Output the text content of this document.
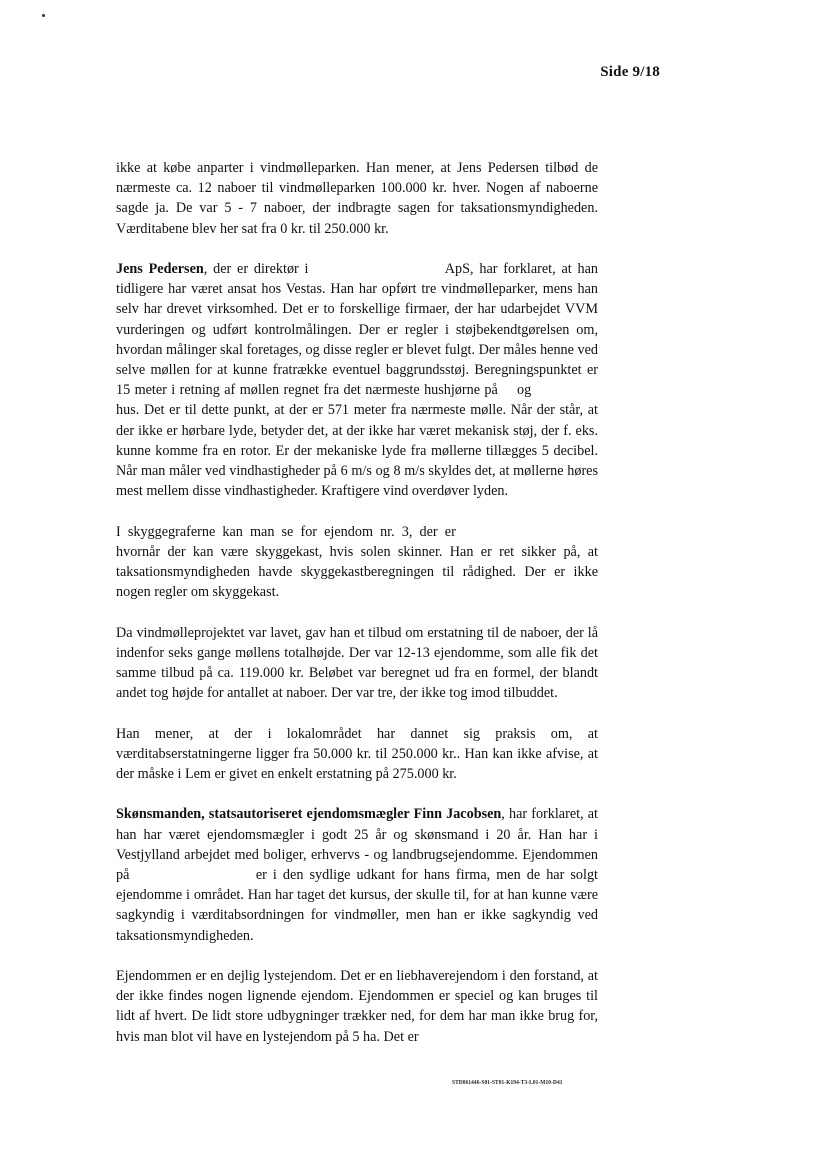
Side 9/18

ikke at købe anparter i vindmølleparken. Han mener, at Jens Pedersen tilbød de nærmeste ca. 12 naboer til vindmølleparken 100.000 kr. hver. Nogen af naboerne sagde ja. De var 5 - 7 naboer, der indbragte sagen for taksationsmyndigheden. Værditabene blev her sat fra 0 kr. til 250.000 kr.

Jens Pedersen, der er direktør i ⠀⠀⠀⠀⠀⠀⠀⠀⠀⠀⠀⠀ ApS, har forklaret, at han tidligere har været ansat hos Vestas. Han har opført tre vindmølleparker, mens han selv har drevet virksomhed. Det er to forskellige firmaer, der har udarbejdet VVM vurderingen og udført kontrolmålingen. Der er regler i støjbekendtgørelsen om, hvordan målinger skal foretages, og disse regler er blevet fulgt. Der måles henne ved selve møllen for at kunne fratrække eventuel baggrundsstøj. Beregningspunktet er 15 meter i retning af møllen regnet fra det nærmeste hushjørne på ⠀ og ⠀⠀⠀⠀⠀⠀ hus. Det er til dette punkt, at der er 571 meter fra nærmeste mølle. Når der står, at der ikke er hørbare lyde, betyder det, at der ikke har været mekanisk støj, der f. eks. kunne komme fra en rotor. Er der mekaniske lyde fra møllerne tillægges 5 decibel. Når man måler ved vindhastigheder på 6 m/s og 8 m/s skyldes det, at møllerne høres mest mellem disse vindhastigheder. Kraftigere vind overdøver lyden.

I skyggegraferne kan man se for ejendom nr. 3, der er ⠀⠀⠀⠀⠀⠀⠀⠀⠀⠀⠀⠀⠀ hvornår der kan være skyggekast, hvis solen skinner. Han er ret sikker på, at taksationsmyndigheden havde skyggekastberegningen til rådighed. Der er ikke nogen regler om skyggekast.

Da vindmølleprojektet var lavet, gav han et tilbud om erstatning til de naboer, der lå indenfor seks gange møllens totalhøjde. Der var 12-13 ejendomme, som alle fik det samme tilbud på ca. 119.000 kr. Beløbet var beregnet ud fra en formel, der blandt andet tog højde for antallet at naboer. Der var tre, der ikke tog imod tilbuddet.

Han mener, at der i lokalområdet har dannet sig praksis om, at værditabserstatningerne ligger fra 50.000 kr. til 250.000 kr.. Han kan ikke afvise, at der måske i Lem er givet en enkelt erstatning på 275.000 kr.

Skønsmanden, statsautoriseret ejendomsmægler Finn Jacobsen, har forklaret, at han har været ejendomsmægler i godt 25 år og skønsmand i 20 år. Han har i Vestjylland arbejdet med boliger, erhvervs - og landbrugsejendomme. Ejendommen på ⠀⠀⠀⠀⠀⠀⠀⠀⠀⠀⠀ er i den sydlige udkant for hans firma, men de har solgt ejendomme i området. Han har taget det kursus, der skulle til, for at han kunne være sagkyndig i værditabsordningen for vindmøller, men han er ikke sagkyndig ved taksationsmyndigheden.

Ejendommen er en dejlig lystejendom. Det er en liebhaverejendom i den forstand, at der ikke findes nogen lignende ejendom. Ejendommen er speciel og kan bruges til lidt af hvert. De lidt store udbygninger trækker ned, for dem har man ikke brug for, hvis man blot vil have en lystejendom på 5 ha. Det er

STD061446-S01-ST01-K194-T3-L01-M10-D41
